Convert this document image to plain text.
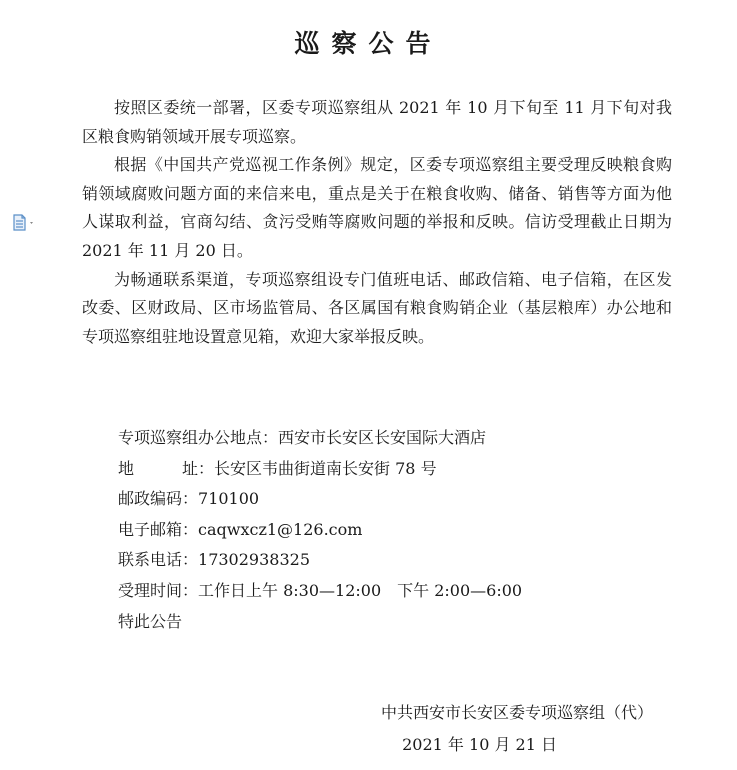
巡察公告

按照区委统一部署，区委专项巡察组从 2021 年 10 月下旬至 11 月下旬对我区粮食购销领域开展专项巡察。

根据《中国共产党巡视工作条例》规定，区委专项巡察组主要受理反映粮食购销领域腐败问题方面的来信来电，重点是关于在粮食收购、储备、销售等方面为他人谋取利益，官商勾结、贪污受贿等腐败问题的举报和反映。信访受理截止日期为 2021 年 11 月 20 日。

为畅通联系渠道，专项巡察组设专门值班电话、邮政信箱、电子信箱，在区发改委、区财政局、区市场监管局、各区属国有粮食购销企业（基层粮库）办公地和专项巡察组驻地设置意见箱，欢迎大家举报反映。

专项巡察组办公地点：西安市长安区长安国际大酒店
地	址：长安区韦曲街道南长安街 78 号
邮政编码：710100
电子邮箱：caqwxcz1@126.com
联系电话：17302938325
受理时间：工作日上午 8:30—12:00　下午 2:00—6:00
特此公告
中共西安市长安区委专项巡察组（代）
2021 年 10 月 21 日
